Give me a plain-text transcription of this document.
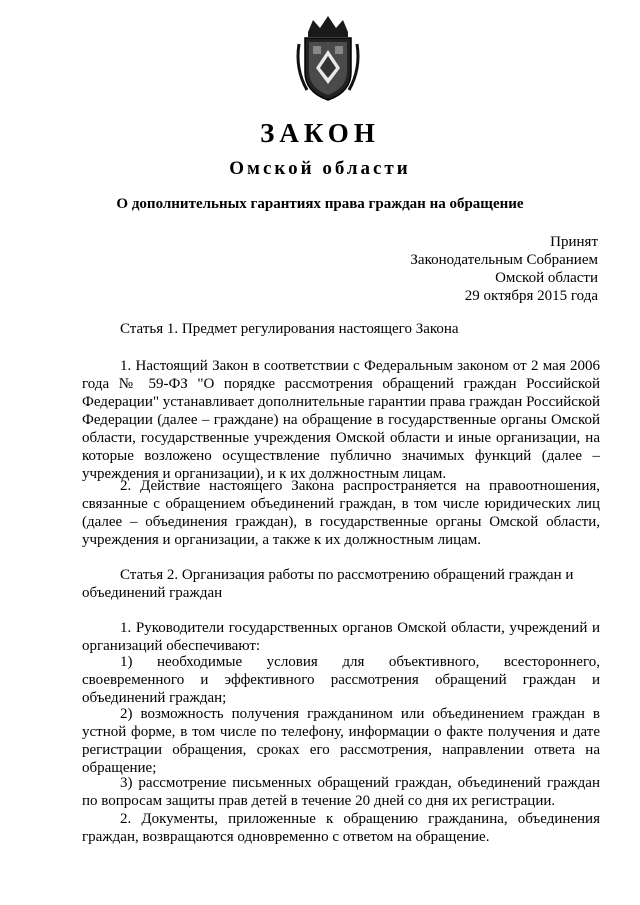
ЗАКОН
Омской области
О дополнительных гарантиях права граждан на обращение
Принят
Законодательным Собранием
Омской области
29 октября 2015 года
Статья 1. Предмет регулирования настоящего Закона
1. Настоящий Закон в соответствии с Федеральным законом от 2 мая 2006 года № 59-ФЗ "О порядке рассмотрения обращений граждан Российской Федерации" устанавливает дополнительные гарантии права граждан Российской Федерации (далее – граждане) на обращение в государственные органы Омской области, государственные учреждения Омской области и иные организации, на которые возложено осуществление публично значимых функций (далее – учреждения и организации), и к их должностным лицам.
2. Действие настоящего Закона распространяется на правоотношения, связанные с обращением объединений граждан, в том числе юридических лиц (далее – объединения граждан), в государственные органы Омской области, учреждения и организации, а также к их должностным лицам.
Статья 2. Организация работы по рассмотрению обращений граждан и объединений граждан
1. Руководители государственных органов Омской области, учреждений и организаций обеспечивают:
1) необходимые условия для объективного, всестороннего, своевременного и эффективного рассмотрения обращений граждан и объединений граждан;
2) возможность получения гражданином или объединением граждан в устной форме, в том числе по телефону, информации о факте получения и дате регистрации обращения, сроках его рассмотрения, направлении ответа на обращение;
3) рассмотрение письменных обращений граждан, объединений граждан по вопросам защиты прав детей в течение 20 дней со дня их регистрации.
2. Документы, приложенные к обращению гражданина, объединения граждан, возвращаются одновременно с ответом на обращение.
